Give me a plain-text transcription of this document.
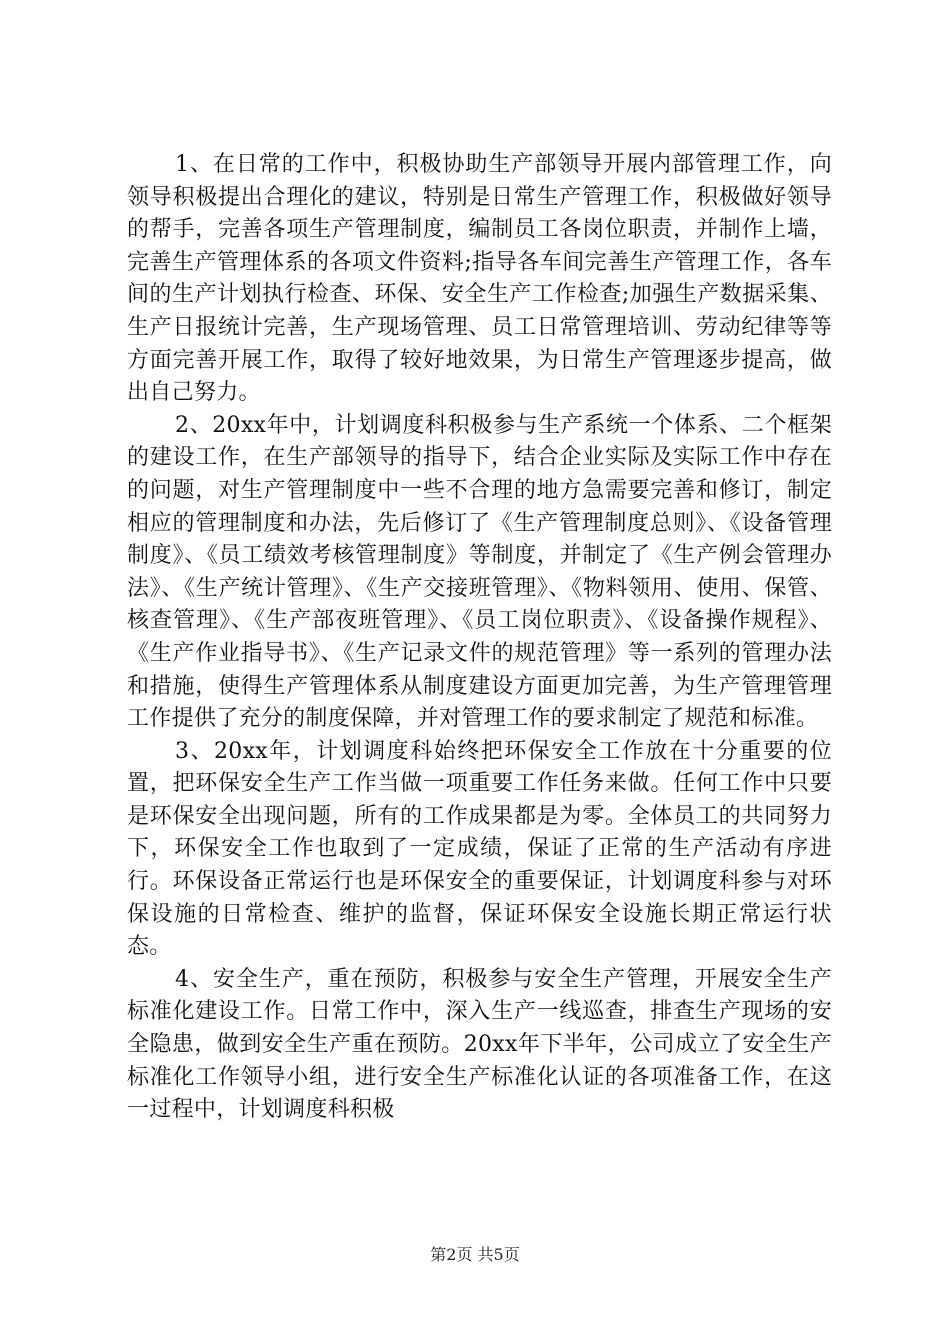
1、在日常的工作中，积极协助生产部领导开展内部管理工作，向领导积极提出合理化的建议，特别是日常生产管理工作，积极做好领导的帮手，完善各项生产管理制度，编制员工各岗位职责，并制作上墙，完善生产管理体系的各项文件资料;指导各车间完善生产管理工作，各车间的生产计划执行检查、环保、安全生产工作检查;加强生产数据采集、生产日报统计完善，生产现场管理、员工日常管理培训、劳动纪律等等方面完善开展工作，取得了较好地效果，为日常生产管理逐步提高，做出自己努力。

2、20xx年中，计划调度科积极参与生产系统一个体系、二个框架的建设工作，在生产部领导的指导下，结合企业实际及实际工作中存在的问题，对生产管理制度中一些不合理的地方急需要完善和修订，制定相应的管理制度和办法，先后修订了《生产管理制度总则》、《设备管理制度》、《员工绩效考核管理制度》等制度，并制定了《生产例会管理办法》、《生产统计管理》、《生产交接班管理》、《物料领用、使用、保管、核查管理》、《生产部夜班管理》、《员工岗位职责》、《设备操作规程》、《生产作业指导书》、《生产记录文件的规范管理》等一系列的管理办法和措施，使得生产管理体系从制度建设方面更加完善，为生产管理管理工作提供了充分的制度保障，并对管理工作的要求制定了规范和标准。

3、20xx年，计划调度科始终把环保安全工作放在十分重要的位置，把环保安全生产工作当做一项重要工作任务来做。任何工作中只要是环保安全出现问题，所有的工作成果都是为零。全体员工的共同努力下，环保安全工作也取到了一定成绩，保证了正常的生产活动有序进行。环保设备正常运行也是环保安全的重要保证，计划调度科参与对环保设施的日常检查、维护的监督，保证环保安全设施长期正常运行状态。

4、安全生产，重在预防，积极参与安全生产管理，开展安全生产标准化建设工作。日常工作中，深入生产一线巡查，排查生产现场的安全隐患，做到安全生产重在预防。20xx年下半年，公司成立了安全生产标准化工作领导小组，进行安全生产标准化认证的各项准备工作，在这一过程中，计划调度科积极

第2页 共5页
